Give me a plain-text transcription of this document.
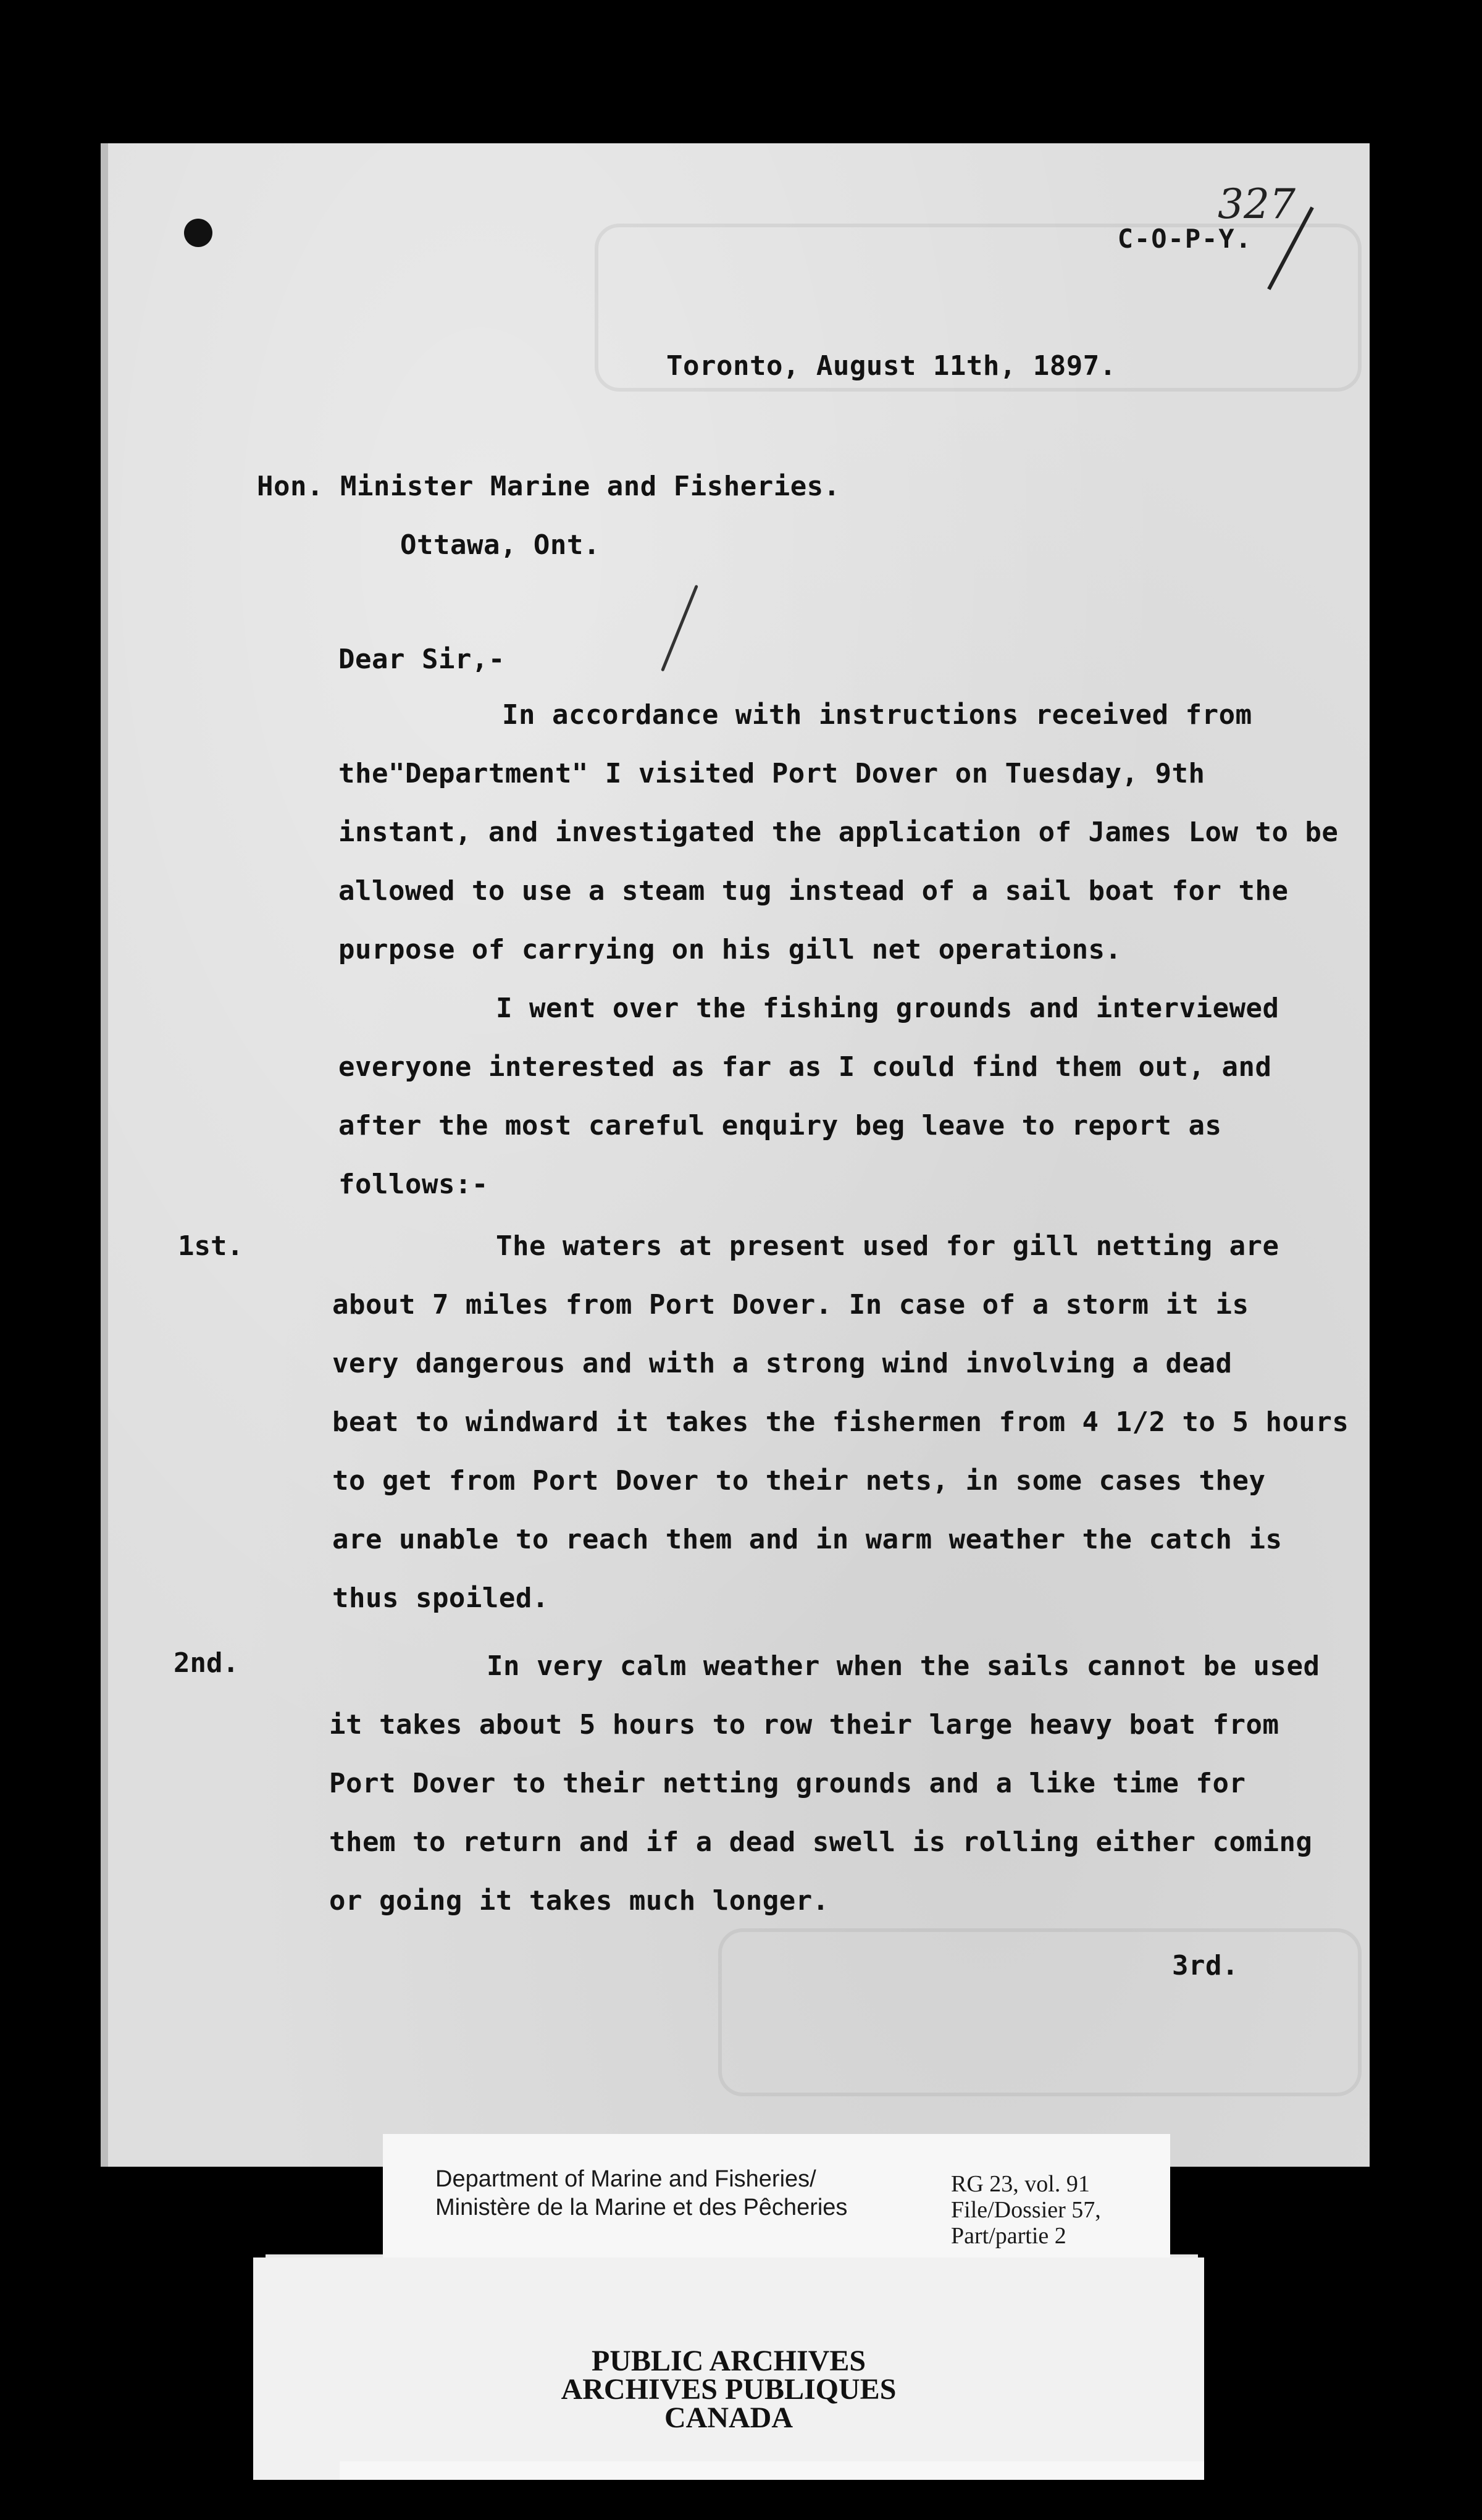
327
C-O-P-Y.
Toronto, August 11th, 1897.
Hon. Minister Marine and Fisheries.
Ottawa, Ont.
Dear Sir,-
In accordance with instructions received from
the"Department" I visited Port Dover on Tuesday, 9th
instant, and investigated the application of James Low to be
allowed to use a steam tug instead of a sail boat for the
purpose of carrying on his gill net operations.
I went over the fishing grounds and interviewed
everyone interested as far as I could find them out, and
after the most careful enquiry beg leave to report as
follows:-
1st.	The waters at present used for gill netting are
about 7 miles from Port Dover. In case of a storm it is
very dangerous and with a strong wind involving a dead
beat to windward it takes the fishermen from 4 1/2 to 5 hours
to get from Port Dover to their nets, in some cases they
are unable to reach them and in warm weather the catch is
thus spoiled.
2nd.	In very calm weather when the sails cannot be used
it takes about 5 hours to row their large heavy boat from
Port Dover to their netting grounds and a like time for
them to return and if a dead swell is rolling either coming
or going it takes much longer.
3rd.
PUBLIC ARCHIVES
ARCHIVES PUBLIQUES
CANADA
Department of Marine and Fisheries/
Ministère de la Marine et des Pêcheries
RG 23, vol. 91
File/Dossier 57,
Part/partie 2
